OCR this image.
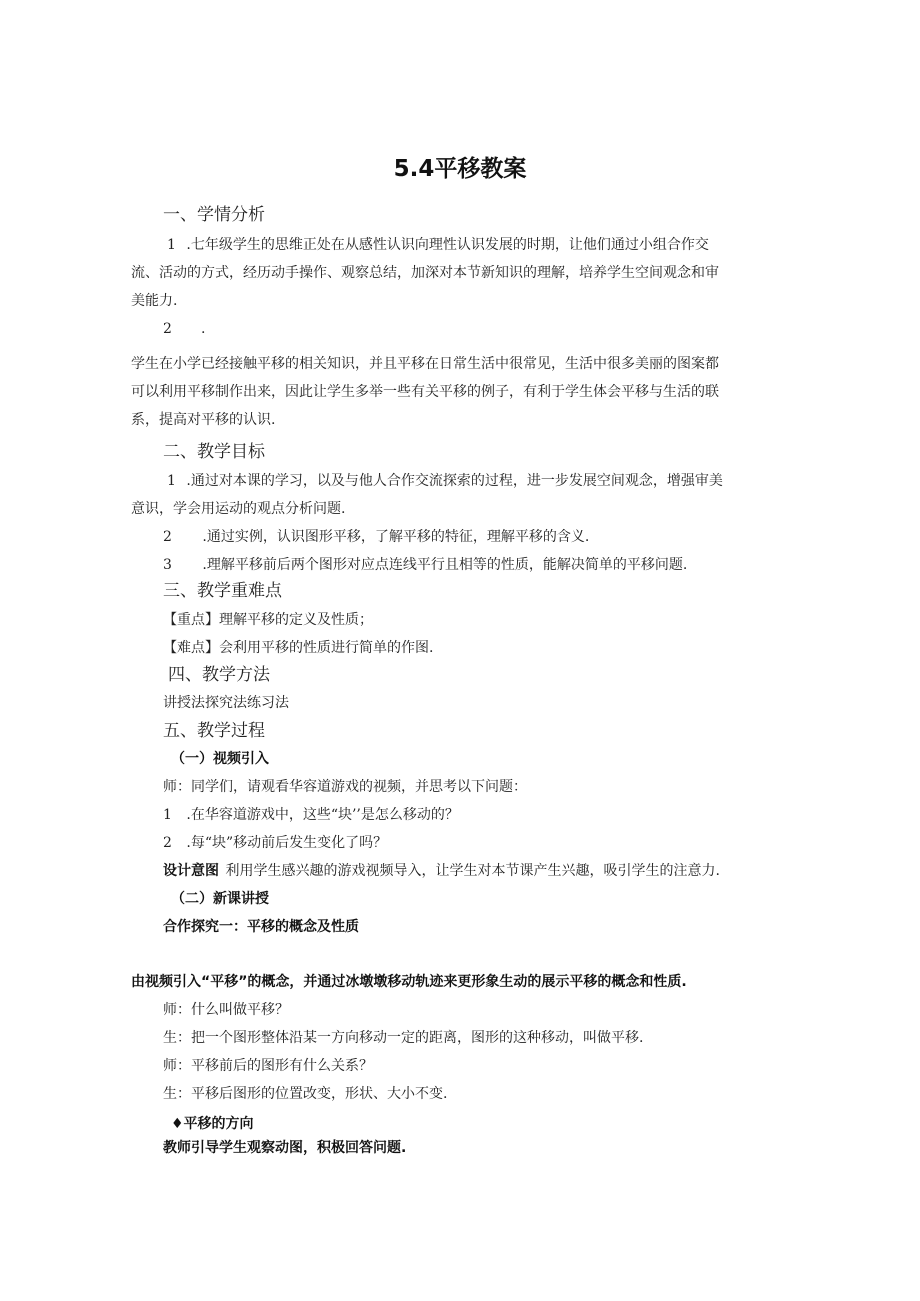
5.4平移教案
一、学情分析
1 .七年级学生的思维正处在从感性认识向理性认识发展的时期，让他们通过小组合作交
流、活动的方式，经历动手操作、观察总结，加深对本节新知识的理解，培养学生空间观念和审
美能力.
2 .
学生在小学已经接触平移的相关知识，并且平移在日常生活中很常见，生活中很多美丽的图案都
可以利用平移制作出来，因此让学生多举一些有关平移的例子，有利于学生体会平移与生活的联
系，提高对平移的认识.
二、教学目标
1 .通过对本课的学习，以及与他人合作交流探索的过程，进一步发展空间观念，增强审美
意识，学会用运动的观点分析问题.
2 .通过实例，认识图形平移，了解平移的特征，理解平移的含义.
3 .理解平移前后两个图形对应点连线平行且相等的性质，能解决简单的平移问题.
三、教学重难点
【重点】理解平移的定义及性质；
【难点】会利用平移的性质进行简单的作图.
四、教学方法
讲授法探究法练习法
五、教学过程
（一）视频引入
师：同学们，请观看华容道游戏的视频，并思考以下问题：
1 .在华容道游戏中，这些“块’’是怎么移动的？
2 .每“块”移动前后发生变化了吗？
设计意图 利用学生感兴趣的游戏视频导入，让学生对本节课产生兴趣，吸引学生的注意力.
（二）新课讲授
合作探究一：平移的概念及性质
由视频引入“平移”的概念，并通过冰墩墩移动轨迹来更形象生动的展示平移的概念和性质.
师：什么叫做平移？
生：把一个图形整体沿某一方向移动一定的距离，图形的这种移动，叫做平移.
师：平移前后的图形有什么关系？
生：平移后图形的位置改变，形状、大小不变.
♦平移的方向
教师引导学生观察动图，积极回答问题.
